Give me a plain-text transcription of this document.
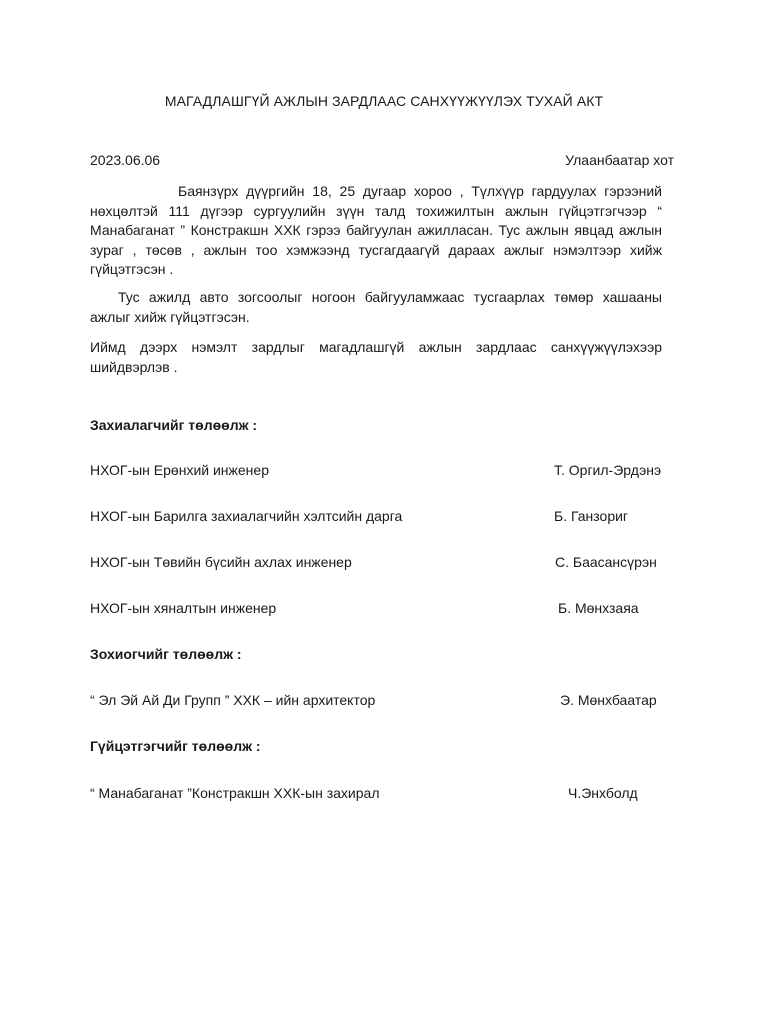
МАГАДЛАШГҮЙ АЖЛЫН ЗАРДЛААС САНХҮҮЖҮҮЛЭХ ТУХАЙ АКТ
2023.06.06	Улаанбаатар хот

Баянзүрх дүүргийн 18, 25 дугаар хороо , Түлхүүр гардуулах гэрээний нөхцөлтэй 111 дүгээр сургуулийн зүүн талд тохижилтын ажлын гүйцэтгэгчээр “ Манабаганат ” Констракшн ХХК гэрээ байгуулан ажилласан. Тус ажлын явцад ажлын зураг , төсөв , ажлын тоо хэмжээнд тусгагдаагүй дараах ажлыг нэмэлтээр хийж гүйцэтгэсэн .

Тус ажилд авто зогсоолыг ногоон байгууламжаас тусгаарлах төмөр хашааны ажлыг хийж гүйцэтгэсэн.

Иймд дээрх нэмэлт зардлыг магадлашгүй ажлын зардлаас санхүүжүүлэхээр шийдвэрлэв .

Захиалагчийг төлөөлж :
НХОГ-ын Ерөнхий инженер	Т. Оргил-Эрдэнэ
НХОГ-ын Барилга захиалагчийн хэлтсийн дарга	Б. Ганзориг
НХОГ-ын Төвийн бүсийн ахлах инженер	С. Баасансүрэн
НХОГ-ын хяналтын инженер	Б. Мөнхзаяа
Зохиогчийг төлөөлж :
“ Эл Эй Ай Ди Групп ” ХХК – ийн архитектор	Э. Мөнхбаатар
Гүйцэтгэгчийг төлөөлж :
“ Манабаганат ”Констракшн ХХК-ын захирал	Ч.Энхболд
